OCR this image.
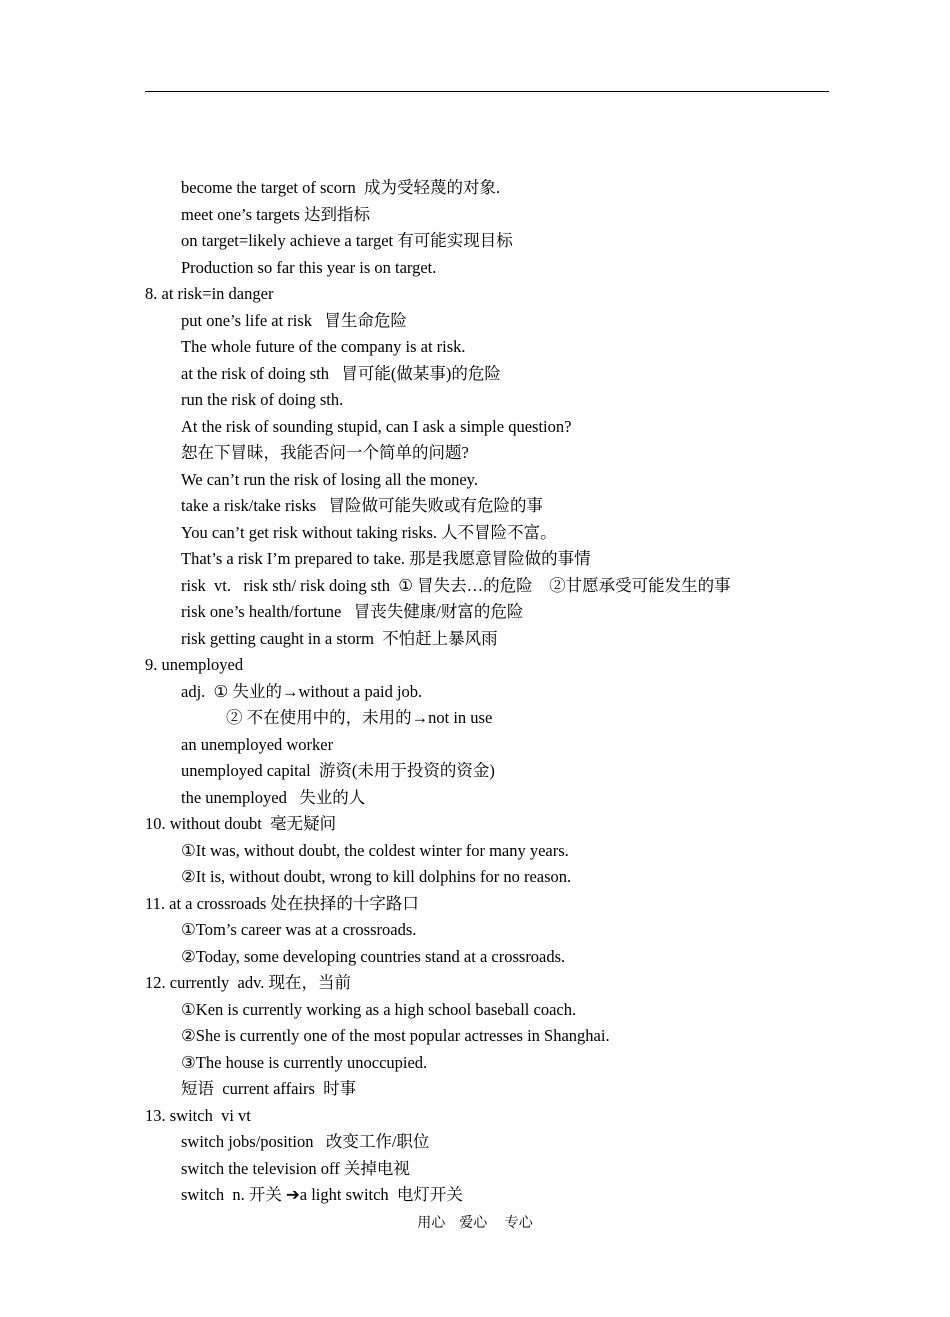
become the target of scorn  成为受轻蔑的对象.
meet one’s targets 达到指标
on target=likely achieve a target 有可能实现目标
Production so far this year is on target.
8. at risk=in danger
put one’s life at risk   冒生命危险
The whole future of the company is at risk.
at the risk of doing sth   冒可能(做某事)的危险
run the risk of doing sth.
At the risk of sounding stupid, can I ask a simple question?
恕在下冒昧，我能否问一个简单的问题?
We can’t run the risk of losing all the money.
take a risk/take risks   冒险做可能失败或有危险的事
You can’t get risk without taking risks. 人不冒险不富。
That’s a risk I’m prepared to take. 那是我愿意冒险做的事情
risk  vt.   risk sth/ risk doing sth  ① 冒失去…的危险    ②甘愿承受可能发生的事
risk one’s health/fortune   冒丧失健康/财富的危险
risk getting caught in a storm  不怕赶上暴风雨
9. unemployed
adj.  ① 失业的→without a paid job.
② 不在使用中的，未用的→not in use
an unemployed worker
unemployed capital  游资(未用于投资的资金)
the unemployed   失业的人
10. without doubt  毫无疑问
①It was, without doubt, the coldest winter for many years.
②It is, without doubt, wrong to kill dolphins for no reason.
11. at a crossroads 处在抉择的十字路口
①Tom’s career was at a crossroads.
②Today, some developing countries stand at a crossroads.
12. currently  adv. 现在，当前
①Ken is currently working as a high school baseball coach.
②She is currently one of the most popular actresses in Shanghai.
③The house is currently unoccupied.
短语  current affairs  时事
13. switch  vi vt
switch jobs/position   改变工作/职位
switch the television off 关掉电视
switch  n. 开关 ➔a light switch  电灯开关
用心    爱心     专心
